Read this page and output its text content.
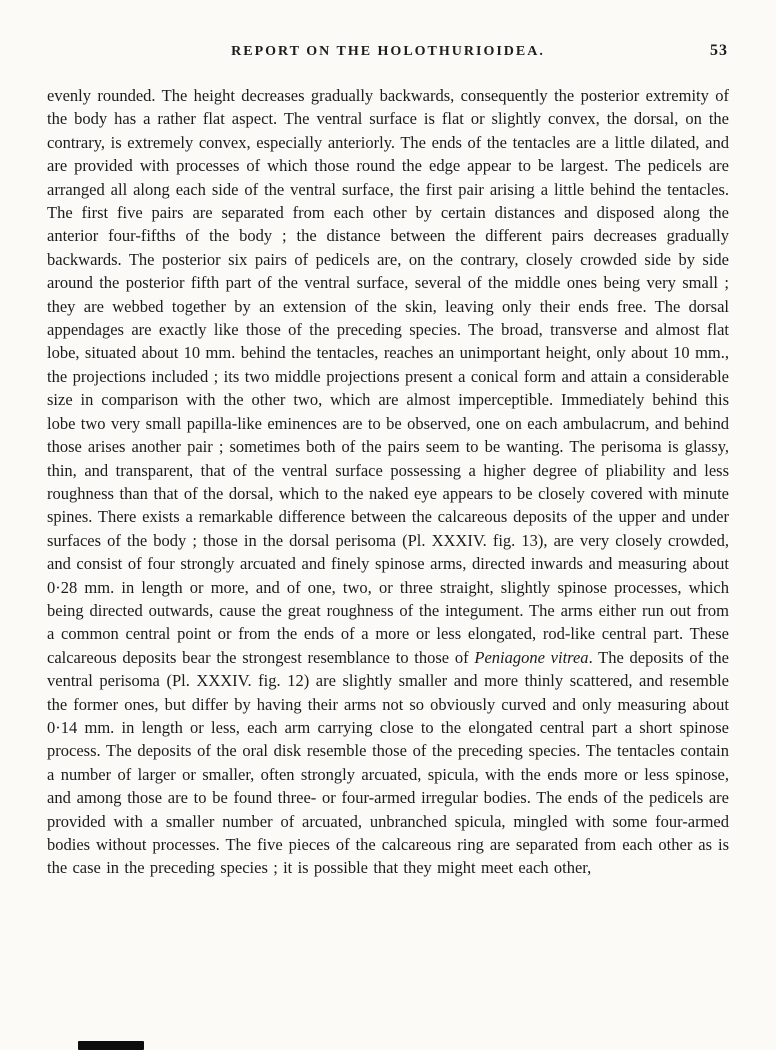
REPORT ON THE HOLOTHURIOIDEA.	53

evenly rounded. The height decreases gradually backwards, consequently the posterior extremity of the body has a rather flat aspect. The ventral surface is flat or slightly convex, the dorsal, on the contrary, is extremely convex, especially anteriorly. The ends of the tentacles are a little dilated, and are provided with processes of which those round the edge appear to be largest. The pedicels are arranged all along each side of the ventral surface, the first pair arising a little behind the tentacles. The first five pairs are separated from each other by certain distances and disposed along the anterior four-fifths of the body ; the distance between the different pairs decreases gradually backwards. The posterior six pairs of pedicels are, on the contrary, closely crowded side by side around the posterior fifth part of the ventral surface, several of the middle ones being very small ; they are webbed together by an extension of the skin, leaving only their ends free. The dorsal appendages are exactly like those of the preceding species. The broad, transverse and almost flat lobe, situated about 10 mm. behind the tentacles, reaches an unimportant height, only about 10 mm., the projections included ; its two middle projections present a conical form and attain a considerable size in comparison with the other two, which are almost imperceptible. Immediately behind this lobe two very small papilla-like eminences are to be observed, one on each ambulacrum, and behind those arises another pair ; sometimes both of the pairs seem to be wanting. The perisoma is glassy, thin, and transparent, that of the ventral surface possessing a higher degree of pliability and less roughness than that of the dorsal, which to the naked eye appears to be closely covered with minute spines. There exists a remarkable difference between the calcareous deposits of the upper and under surfaces of the body ; those in the dorsal perisoma (Pl. XXXIV. fig. 13), are very closely crowded, and consist of four strongly arcuated and finely spinose arms, directed inwards and measuring about 0·28 mm. in length or more, and of one, two, or three straight, slightly spinose processes, which being directed outwards, cause the great roughness of the integument. The arms either run out from a common central point or from the ends of a more or less elongated, rod-like central part. These calcareous deposits bear the strongest resemblance to those of Peniagone vitrea. The deposits of the ventral perisoma (Pl. XXXIV. fig. 12) are slightly smaller and more thinly scattered, and resemble the former ones, but differ by having their arms not so obviously curved and only measuring about 0·14 mm. in length or less, each arm carrying close to the elongated central part a short spinose process. The deposits of the oral disk resemble those of the preceding species. The tentacles contain a number of larger or smaller, often strongly arcuated, spicula, with the ends more or less spinose, and among those are to be found three- or four-armed irregular bodies. The ends of the pedicels are provided with a smaller number of arcuated, unbranched spicula, mingled with some four-armed bodies without processes. The five pieces of the calcareous ring are separated from each other as is the case in the preceding species ; it is possible that they might meet each other,
